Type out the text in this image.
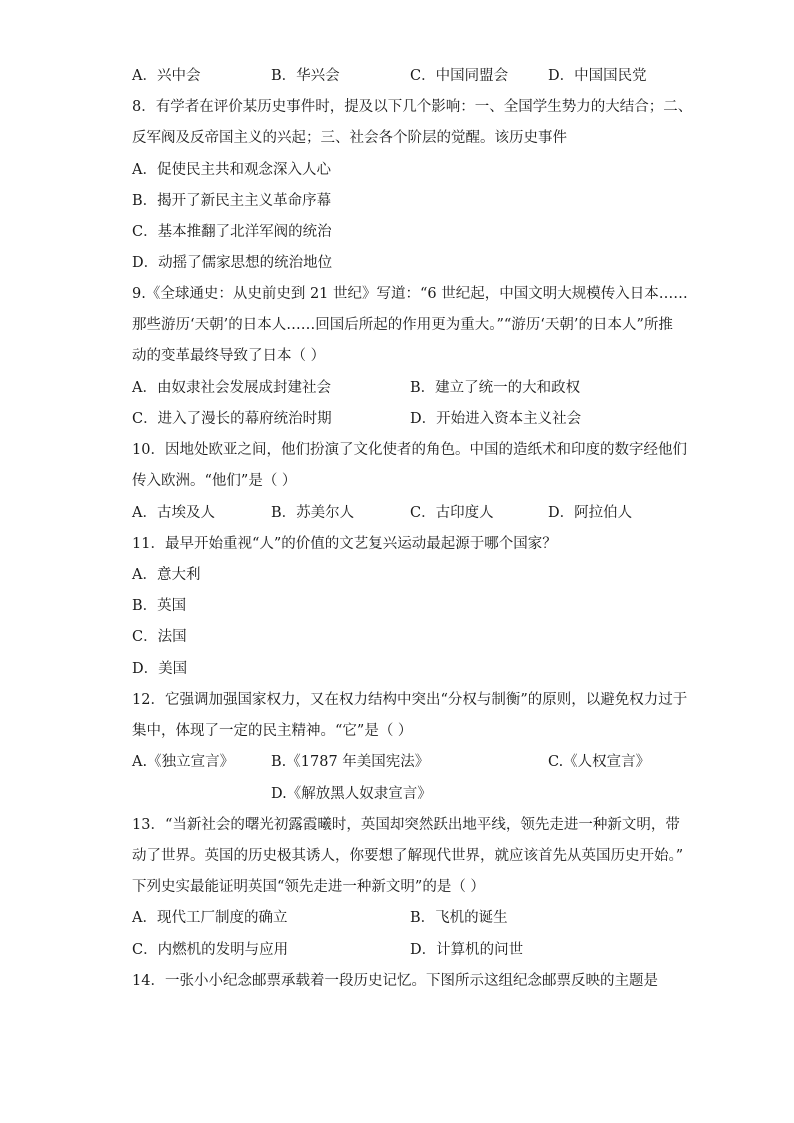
A．兴中会	B．华兴会	C．中国同盟会	D．中国国民党
8．有学者在评价某历史事件时，提及以下几个影响：一、全国学生势力的大结合；二、
反军阀及反帝国主义的兴起；三、社会各个阶层的觉醒。该历史事件
A．促使民主共和观念深入人心
B．揭开了新民主主义革命序幕
C．基本推翻了北洋军阀的统治
D．动摇了儒家思想的统治地位
9.《全球通史：从史前史到 21 世纪》写道：“6 世纪起，中国文明大规模传入日本……
那些游历‘天朝’的日本人……回国后所起的作用更为重大。”“游历‘天朝’的日本人”所推
动的变革最终导致了日本（ ）
A．由奴隶社会发展成封建社会	B．建立了统一的大和政权
C．进入了漫长的幕府统治时期	D．开始进入资本主义社会
10．因地处欧亚之间，他们扮演了文化使者的角色。中国的造纸术和印度的数字经他们
传入欧洲。“他们”是（ ）
A．古埃及人	B．苏美尔人	C．古印度人	D．阿拉伯人
11．最早开始重视“人”的价值的文艺复兴运动最起源于哪个国家？
A．意大利
B．英国
C．法国
D．美国
12．它强调加强国家权力，又在权力结构中突出“分权与制衡”的原则，以避免权力过于
集中，体现了一定的民主精神。“它”是（ ）
A.《独立宣言》	B.《1787 年美国宪法》	C.《人权宣言》
D.《解放黑人奴隶宣言》
13．“当新社会的曙光初露霞曦时，英国却突然跃出地平线，领先走进一种新文明，带
动了世界。英国的历史极其诱人，你要想了解现代世界，就应该首先从英国历史开始。”
下列史实最能证明英国“领先走进一种新文明”的是（ ）
A．现代工厂制度的确立	B．飞机的诞生
C．内燃机的发明与应用	D．计算机的问世
14．一张小小纪念邮票承载着一段历史记忆。下图所示这组纪念邮票反映的主题是
